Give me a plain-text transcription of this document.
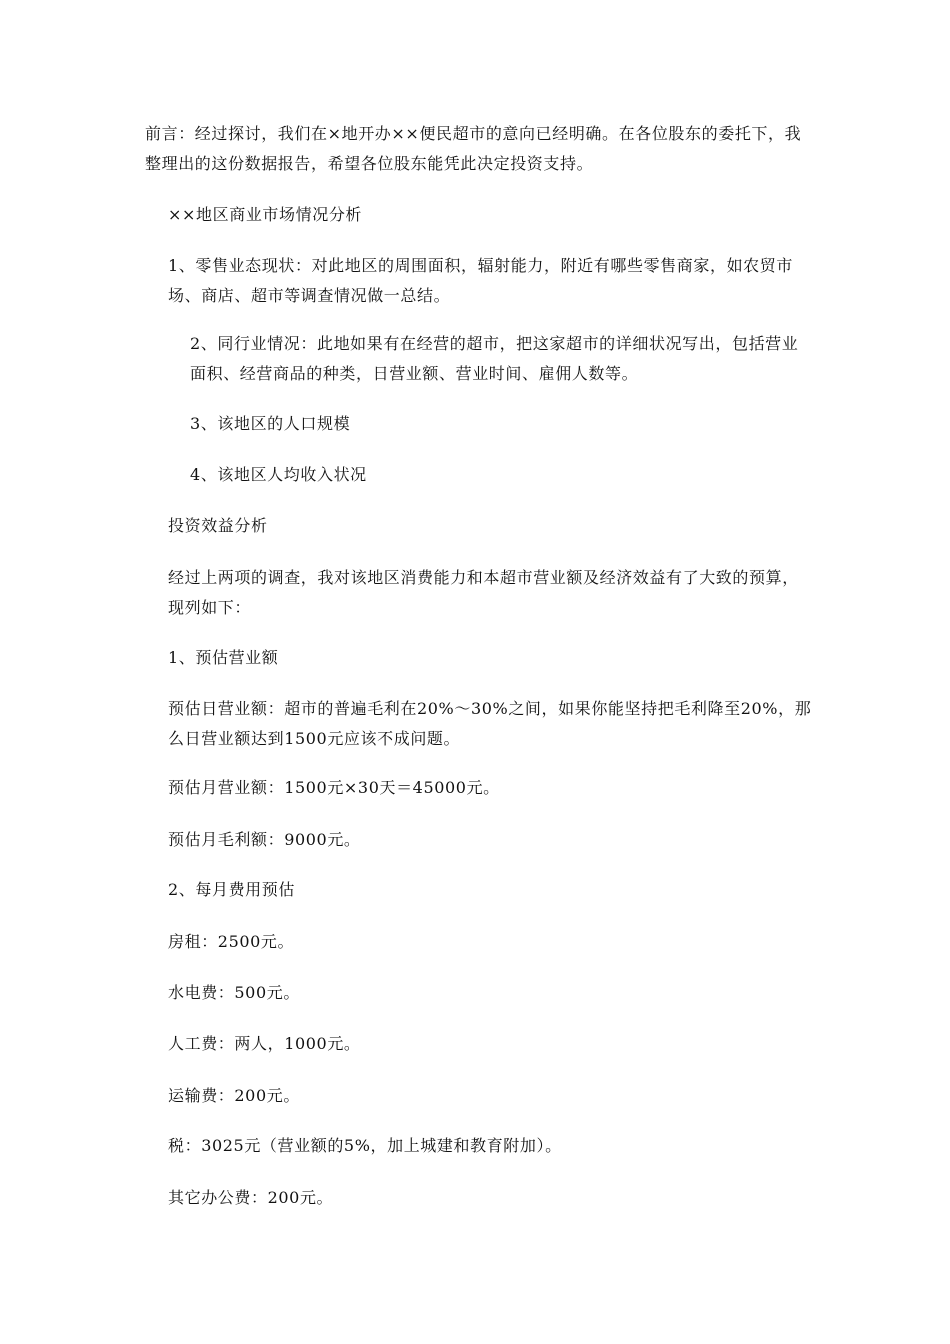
前言：经过探讨，我们在×地开办××便民超市的意向已经明确。在各位股东的委托下，我整理出的这份数据报告，希望各位股东能凭此决定投资支持。
××地区商业市场情况分析
1、零售业态现状：对此地区的周围面积，辐射能力，附近有哪些零售商家，如农贸市场、商店、超市等调查情况做一总结。
2、同行业情况：此地如果有在经营的超市，把这家超市的详细状况写出，包括营业面积、经营商品的种类，日营业额、营业时间、雇佣人数等。
3、该地区的人口规模
4、该地区人均收入状况
投资效益分析
经过上两项的调查，我对该地区消费能力和本超市营业额及经济效益有了大致的预算，现列如下：
1、预估营业额
预估日营业额：超市的普遍毛利在20%～30%之间，如果你能坚持把毛利降至20%，那么日营业额达到1500元应该不成问题。
预估月营业额：1500元×30天＝45000元。
预估月毛利额：9000元。
2、每月费用预估
房租：2500元。
水电费：500元。
人工费：两人，1000元。
运输费：200元。
税：3025元（营业额的5%，加上城建和教育附加）。
其它办公费：200元。
